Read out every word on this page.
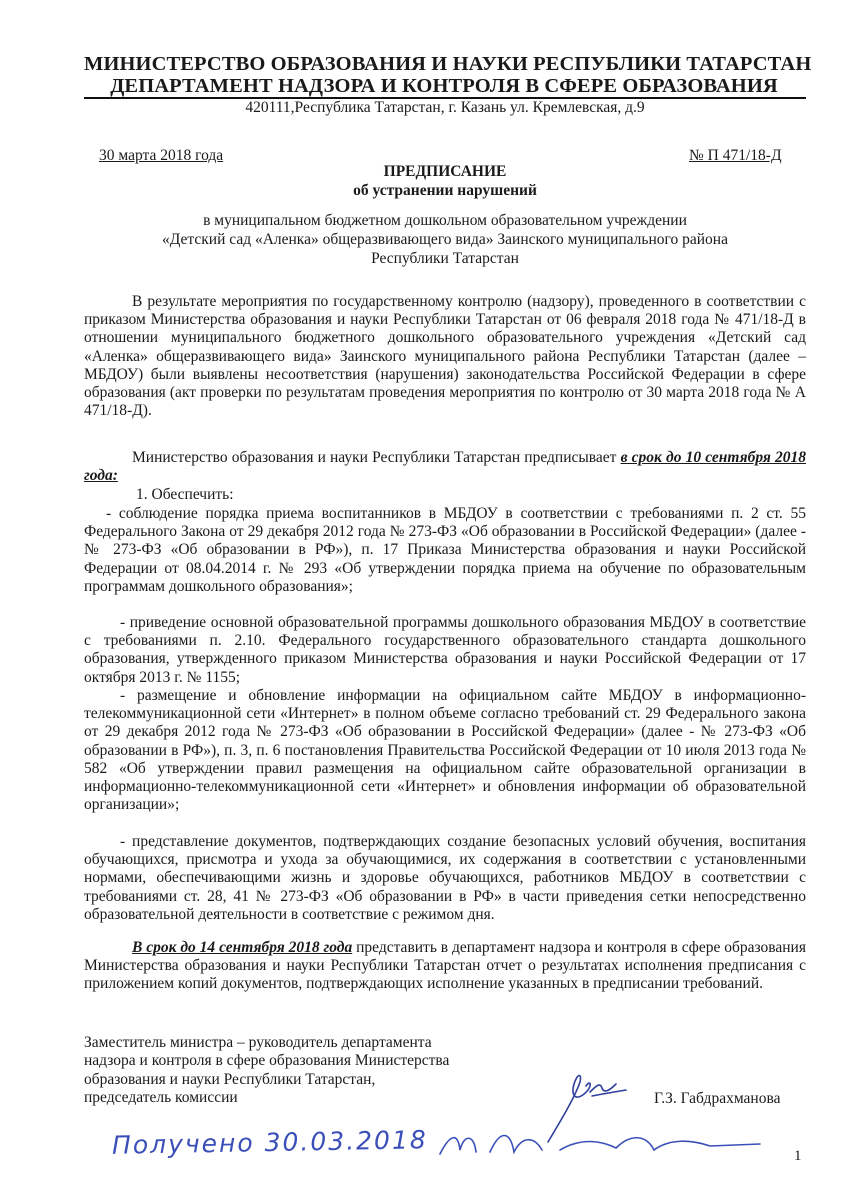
МИНИСТЕРСТВО ОБРАЗОВАНИЯ И НАУКИ РЕСПУБЛИКИ ТАТАРСТАН
ДЕПАРТАМЕНТ НАДЗОРА И КОНТРОЛЯ В СФЕРЕ ОБРАЗОВАНИЯ
420111,Республика Татарстан, г. Казань ул. Кремлевская, д.9
30 марта 2018 года	№ П 471/18-Д
ПРЕДПИСАНИЕ
об устранении нарушений
в муниципальном бюджетном дошкольном образовательном учреждении
«Детский сад «Аленка» общеразвивающего вида» Заинского муниципального района
Республики Татарстан
В результате мероприятия по государственному контролю (надзору), проведенного в соответствии с приказом Министерства образования и науки Республики Татарстан от 06 февраля 2018 года № 471/18-Д в отношении муниципального бюджетного дошкольного образовательного учреждения «Детский сад «Аленка» общеразвивающего вида» Заинского муниципального района Республики Татарстан (далее – МБДОУ) были выявлены несоответствия (нарушения) законодательства Российской Федерации в сфере образования (акт проверки по результатам проведения мероприятия по контролю от 30 марта 2018 года № А 471/18-Д).
Министерство образования и науки Республики Татарстан предписывает в срок до 10 сентября 2018 года:
1. Обеспечить:
- соблюдение порядка приема воспитанников в МБДОУ в соответствии с требованиями п. 2 ст. 55 Федерального Закона от 29 декабря 2012 года № 273-ФЗ «Об образовании в Российской Федерации» (далее - № 273-ФЗ «Об образовании в РФ»), п. 17 Приказа Министерства образования и науки Российской Федерации от 08.04.2014 г. № 293 «Об утверждении порядка приема на обучение по образовательным программам дошкольного образования»;
- приведение основной образовательной программы дошкольного образования МБДОУ в соответствие с требованиями п. 2.10. Федерального государственного образовательного стандарта дошкольного образования, утвержденного приказом Министерства образования и науки Российской Федерации от 17 октября 2013 г. № 1155;
- размещение и обновление информации на официальном сайте МБДОУ в информационно-телекоммуникационной сети «Интернет» в полном объеме согласно требований ст. 29 Федерального закона от 29 декабря 2012 года № 273-ФЗ «Об образовании в Российской Федерации» (далее - № 273-ФЗ «Об образовании в РФ»), п. 3, п. 6 постановления Правительства Российской Федерации от 10 июля 2013 года № 582 «Об утверждении правил размещения на официальном сайте образовательной организации в информационно-телекоммуникационной сети «Интернет» и обновления информации об образовательной организации»;
- представление документов, подтверждающих создание безопасных условий обучения, воспитания обучающихся, присмотра и ухода за обучающимися, их содержания в соответствии с установленными нормами, обеспечивающими жизнь и здоровье обучающихся, работников МБДОУ в соответствии с требованиями ст. 28, 41 № 273-ФЗ «Об образовании в РФ» в части приведения сетки непосредственно образовательной деятельности в соответствие с режимом дня.
В срок до 14 сентября 2018 года представить в департамент надзора и контроля в сфере образования Министерства образования и науки Республики Татарстан отчет о результатах исполнения предписания с приложением копий документов, подтверждающих исполнение указанных в предписании требований.
Заместитель министра – руководитель департамента
надзора и контроля в сфере образования Министерства
образования и науки Республики Татарстан,
председатель комиссии	Г.З. Габдрахманова
Получено 30.03.2018	1
